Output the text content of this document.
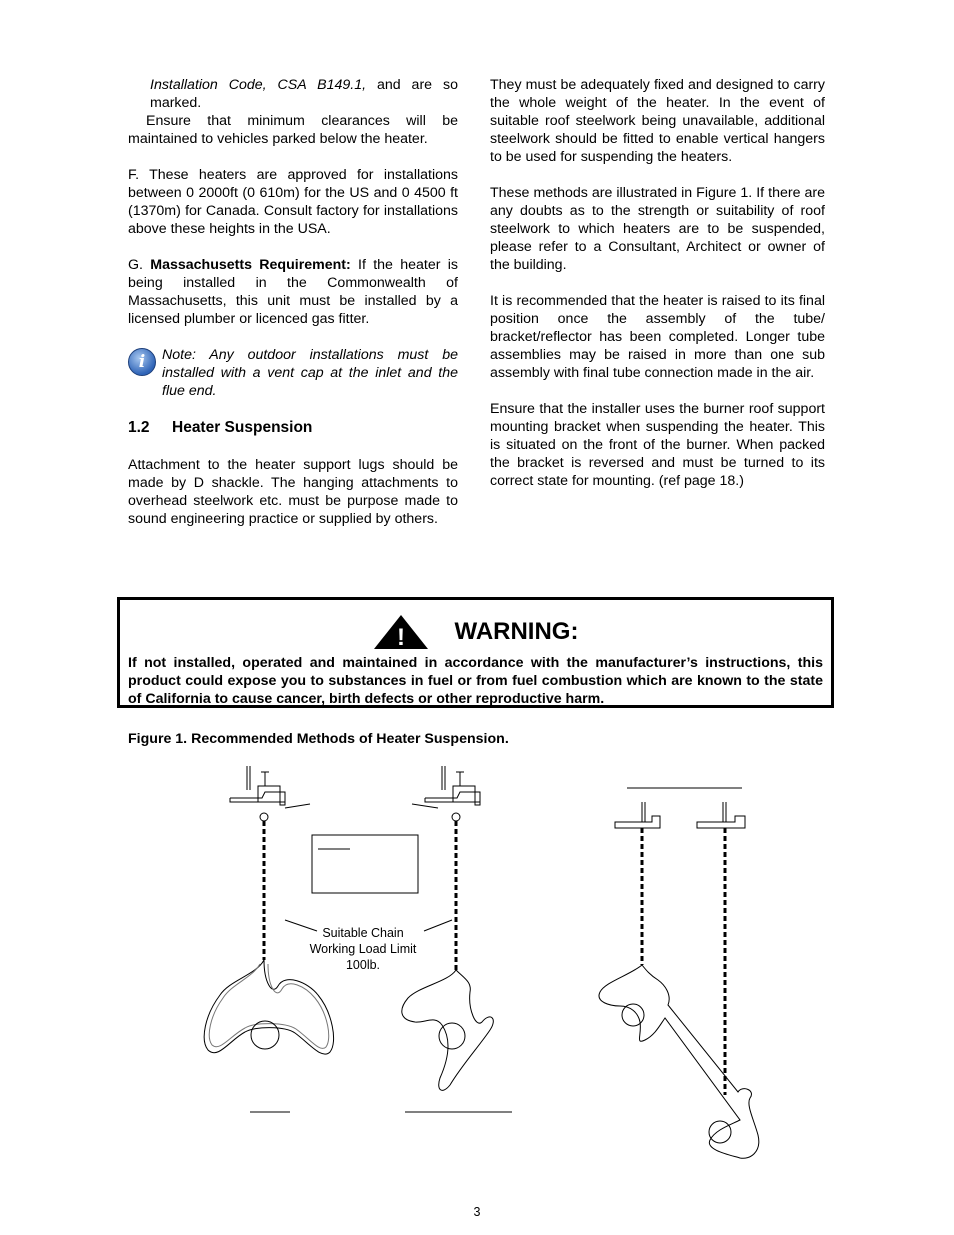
Installation Code, CSA B149.1, and are so marked.

Ensure that minimum clearances will be maintained to vehicles parked below the heater.

F. These heaters are approved for installations between 0 2000ft (0 610m) for the US and 0 4500 ft (1370m) for Canada. Consult factory for installations above these heights in the USA.

G. Massachusetts Requirement: If the heater is being installed in the Commonwealth of Massachusetts, this unit must be installed by a licensed plumber or licenced gas fitter.

i	Note: Any outdoor installations must be installed with a vent cap at the inlet and the flue end.

1.2 Heater Suspension

Attachment to the heater support lugs should be made by D shackle. The hanging attachments to overhead steelwork etc. must be purpose made to sound engineering practice or supplied by others.

They must be adequately fixed and designed to carry the whole weight of the heater. In the event of suitable roof steelwork being unavailable, additional steelwork should be fitted to enable vertical hangers to be used for suspending the heaters.

These methods are illustrated in Figure 1. If there are any doubts as to the strength or suitability of roof steelwork to which heaters are to be suspended, please refer to a Consultant, Architect or owner of the building.

It is recommended that the heater is raised to its final position once the assembly of the tube/ bracket/reflector has been completed. Longer tube assemblies may be raised in more than one sub assembly with final tube connection made in the air.

Ensure that the installer uses the burner roof support mounting bracket when suspending the heater. This is situated on the front of the burner. When packed the bracket is reversed and must be turned to its correct state for mounting. (ref page 18.)

! WARNING:

If not installed, operated and maintained in accordance with the manufacturer’s instructions, this product could expose you to substances in fuel or from fuel combustion which are known to the state of California to cause cancer, birth defects or other reproductive harm.

Figure 1. Recommended Methods of Heater Suspension.
Suitable Chain
Working Load Limit
100lb.
3
